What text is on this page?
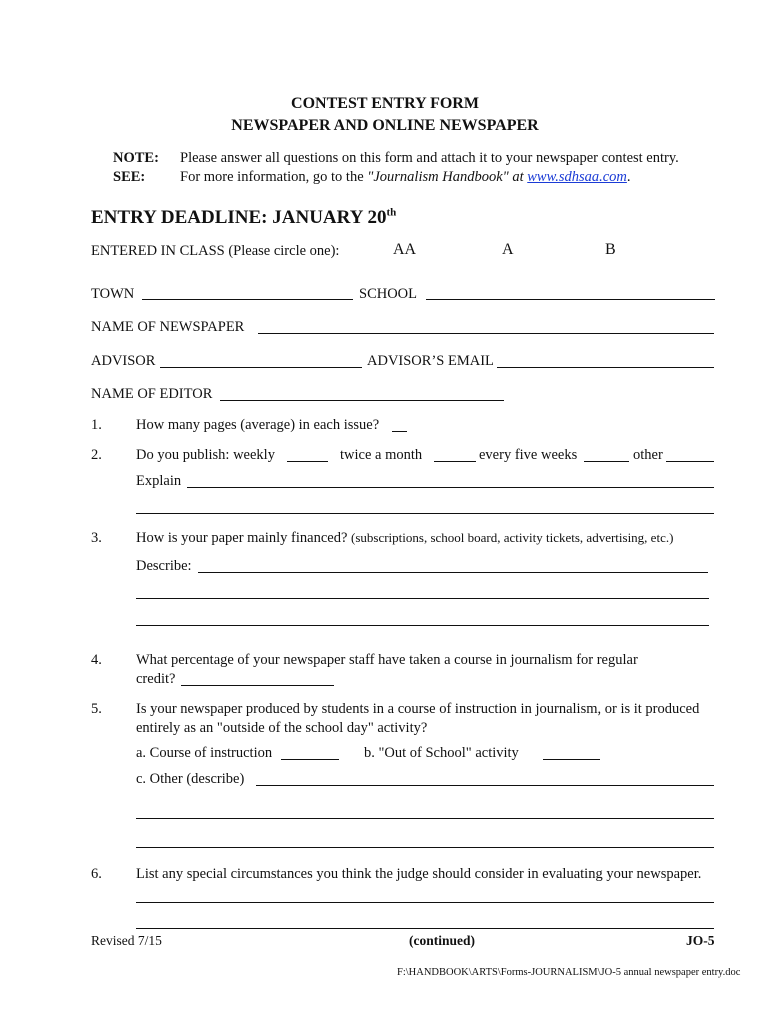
CONTEST ENTRY FORM
NEWSPAPER AND ONLINE NEWSPAPER
NOTE: Please answer all questions on this form and attach it to your newspaper contest entry.
SEE: For more information, go to the "Journalism Handbook" at www.sdhsaa.com.
ENTRY DEADLINE: JANUARY 20th
ENTERED IN CLASS (Please circle one):	AA	A	B
TOWN	SCHOOL
NAME OF NEWSPAPER
ADVISOR	ADVISOR’S EMAIL
NAME OF EDITOR
1. How many pages (average) in each issue?
2. Do you publish: weekly	twice a month	every five weeks	other
Explain
3. How is your paper mainly financed? (subscriptions, school board, activity tickets, advertising, etc.)
Describe:
4. What percentage of your newspaper staff have taken a course in journalism for regular
credit?
5. Is your newspaper produced by students in a course of instruction in journalism, or is it produced
entirely as an "outside of the school day" activity?
a. Course of instruction	b. "Out of School" activity
c. Other (describe)
6. List any special circumstances you think the judge should consider in evaluating your newspaper.
Revised 7/15	(continued)	JO-5
F:\HANDBOOK\ARTS\Forms-JOURNALISM\JO-5 annual newspaper entry.doc
